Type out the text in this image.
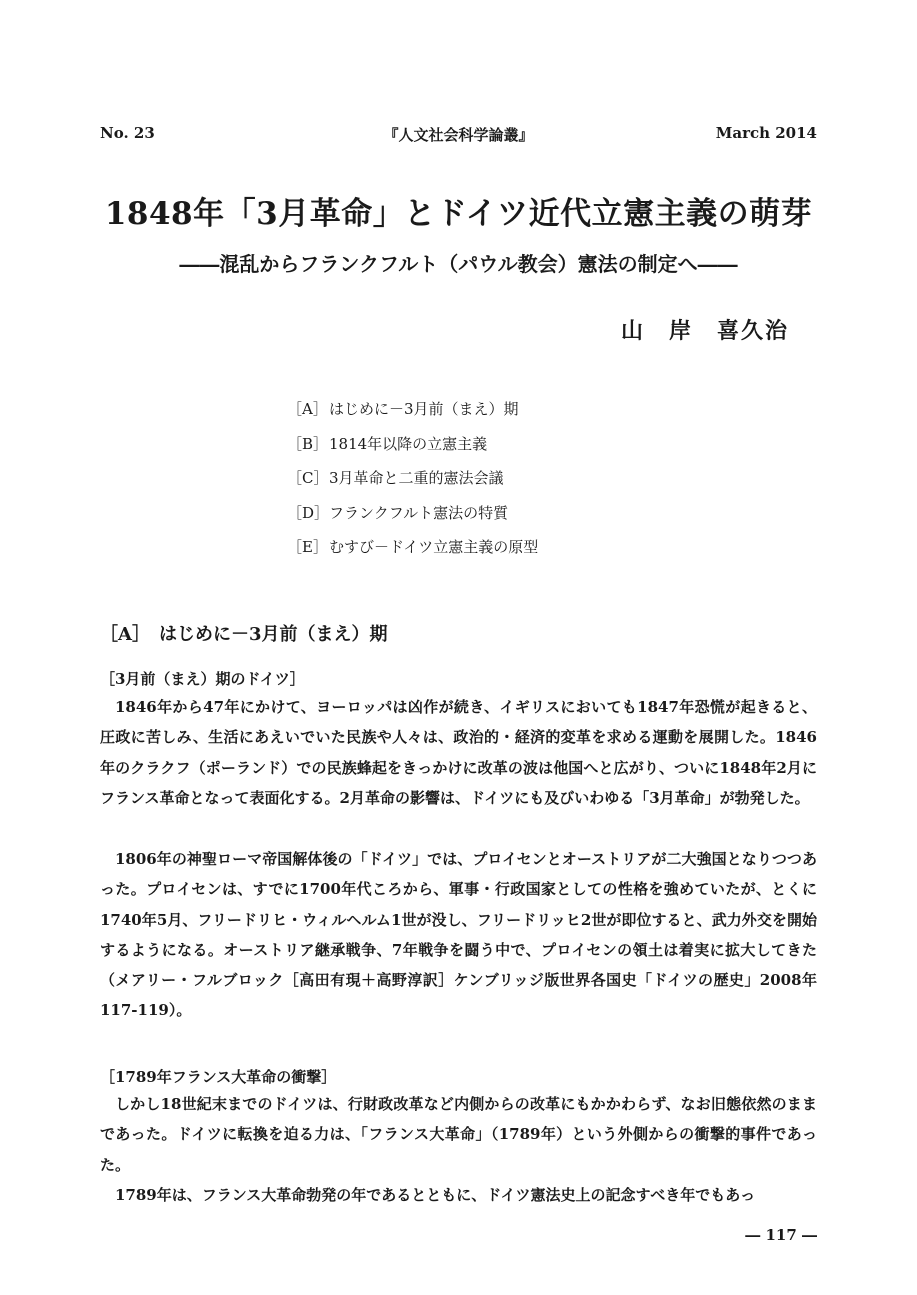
No. 23	『人文社会科学論叢』	March 2014
1848年「3月革命」とドイツ近代立憲主義の萌芽
――混乱からフランクフルト（パウル教会）憲法の制定へ――
山　岸　喜久治
［A］ はじめに－3月前（まえ）期
［B］ 1814年以降の立憲主義
［C］ 3月革命と二重的憲法会議
［D］ フランクフルト憲法の特質
［E］ むすび－ドイツ立憲主義の原型
［A］　はじめに－3月前（まえ）期
［3月前（まえ）期のドイツ］

1846年から47年にかけて、ヨーロッパは凶作が続き、イギリスにおいても1847年恐慌が起きると、圧政に苦しみ、生活にあえいでいた民族や人々は、政治的・経済的変革を求める運動を展開した。1846年のクラクフ（ポーランド）での民族蜂起をきっかけに改革の波は他国へと広がり、ついに1848年2月にフランス革命となって表面化する。2月革命の影響は、ドイツにも及びいわゆる「3月革命」が勃発した。

1806年の神聖ローマ帝国解体後の「ドイツ」では、プロイセンとオーストリアが二大強国となりつつあった。プロイセンは、すでに1700年代ころから、軍事・行政国家としての性格を強めていたが、とくに1740年5月、フリードリヒ・ウィルヘルム1世が没し、フリードリッヒ2世が即位すると、武力外交を開始するようになる。オーストリア継承戦争、7年戦争を闘う中で、プロイセンの領土は着実に拡大してきた（メアリー・フルブロック［高田有現＋高野淳訳］ケンブリッジ版世界各国史「ドイツの歴史」2008年117-119）。

［1789年フランス大革命の衝撃］

しかし18世紀末までのドイツは、行財政改革など内側からの改革にもかかわらず、なお旧態依然のままであった。ドイツに転換を迫る力は、「フランス大革命」（1789年）という外側からの衝撃的事件であった。

1789年は、フランス大革命勃発の年であるとともに、ドイツ憲法史上の記念すべき年でもあっ

― 117 ―
